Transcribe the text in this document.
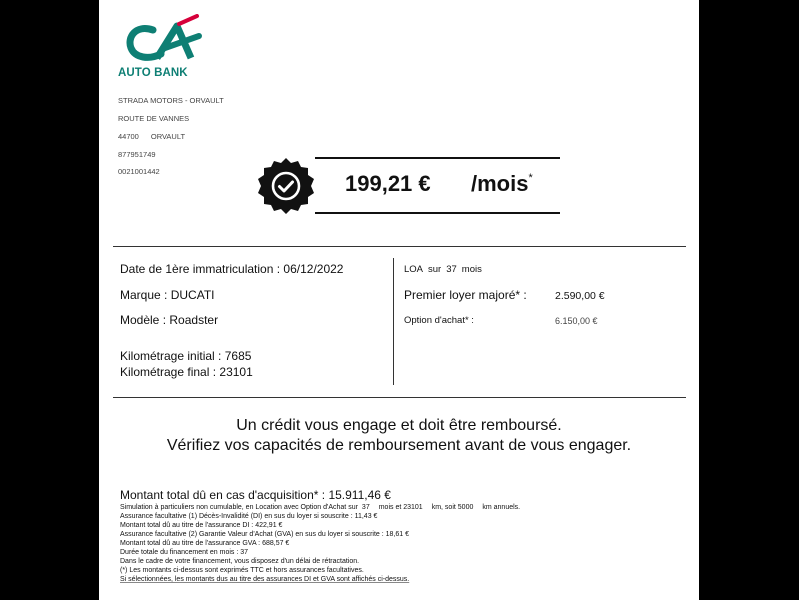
AUTO BANK
STRADA MOTORS - ORVAULT
ROUTE DE VANNES
44700 ORVAULT
877951749
0021001442	199,21 € /mois*
Date de 1ère immatriculation : 06/12/2022
Marque : DUCATI
Modèle : Roadster
Kilométrage initial : 7685
Kilométrage final : 23101
LOA sur 37 mois
Premier loyer majoré* :	2.590,00 €
Option d'achat* :	6.150,00 €
Un crédit vous engage et doit être remboursé.
Vérifiez vos capacités de remboursement avant de vous engager.
Montant total dû en cas d'acquisition* : 15.911,46 €
Simulation à particuliers non cumulable, en Location avec Option d'Achat sur 37 mois et 23101 km, soit 5000 km annuels.
Assurance facultative (1) Décès-Invalidité (DI) en sus du loyer si souscrite : 11,43 €
Montant total dû au titre de l'assurance DI : 422,91 €
Assurance facultative (2) Garantie Valeur d'Achat (GVA) en sus du loyer si souscrite : 18,61 €
Montant total dû au titre de l'assurance GVA : 688,57 €
Durée totale du financement en mois : 37
Dans le cadre de votre financement, vous disposez d'un délai de rétractation.
(*) Les montants ci-dessus sont exprimés TTC et hors assurances facultatives.
Si sélectionnées, les montants dus au titre des assurances DI et GVA sont affichés ci-dessus.
